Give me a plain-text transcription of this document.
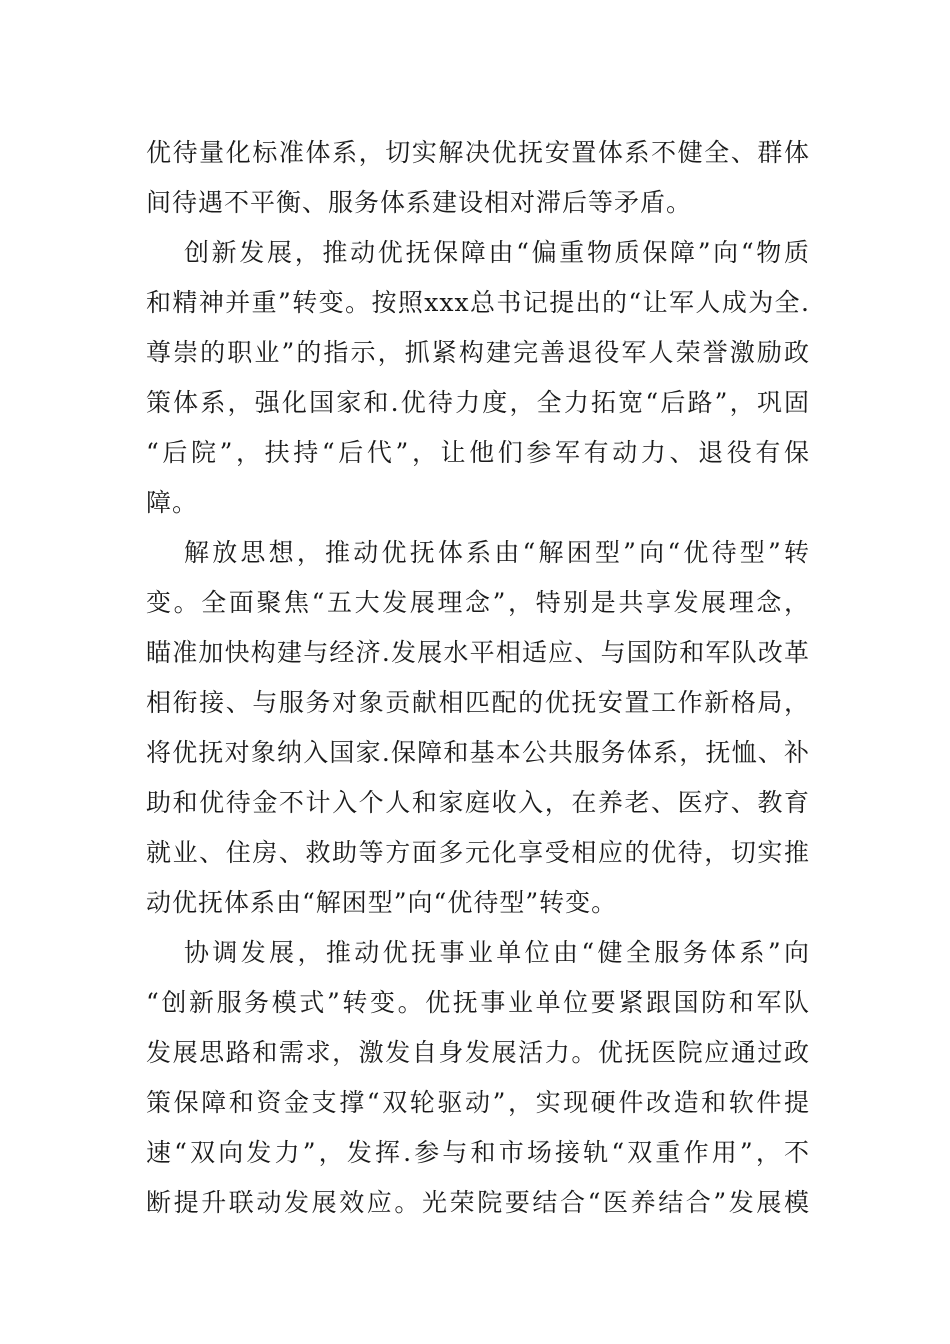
优待量化标准体系，切实解决优抚安置体系不健全、群体
间待遇不平衡、服务体系建设相对滞后等矛盾。
创新发展，推动优抚保障由“偏重物质保障”向“物质
和精神并重”转变。按照xxx总书记提出的“让军人成为全.
尊崇的职业”的指示，抓紧构建完善退役军人荣誉激励政
策体系，强化国家和.优待力度，全力拓宽“后路”，巩固
“后院”，扶持“后代”，让他们参军有动力、退役有保
障。
解放思想，推动优抚体系由“解困型”向“优待型”转
变。全面聚焦“五大发展理念”，特别是共享发展理念，
瞄准加快构建与经济.发展水平相适应、与国防和军队改革
相衔接、与服务对象贡献相匹配的优抚安置工作新格局，
将优抚对象纳入国家.保障和基本公共服务体系，抚恤、补
助和优待金不计入个人和家庭收入，在养老、医疗、教育
就业、住房、救助等方面多元化享受相应的优待，切实推
动优抚体系由“解困型”向“优待型”转变。
协调发展，推动优抚事业单位由“健全服务体系”向
“创新服务模式”转变。优抚事业单位要紧跟国防和军队
发展思路和需求，激发自身发展活力。优抚医院应通过政
策保障和资金支撑“双轮驱动”，实现硬件改造和软件提
速“双向发力”，发挥.参与和市场接轨“双重作用”，不
断提升联动发展效应。光荣院要结合“医养结合”发展模
